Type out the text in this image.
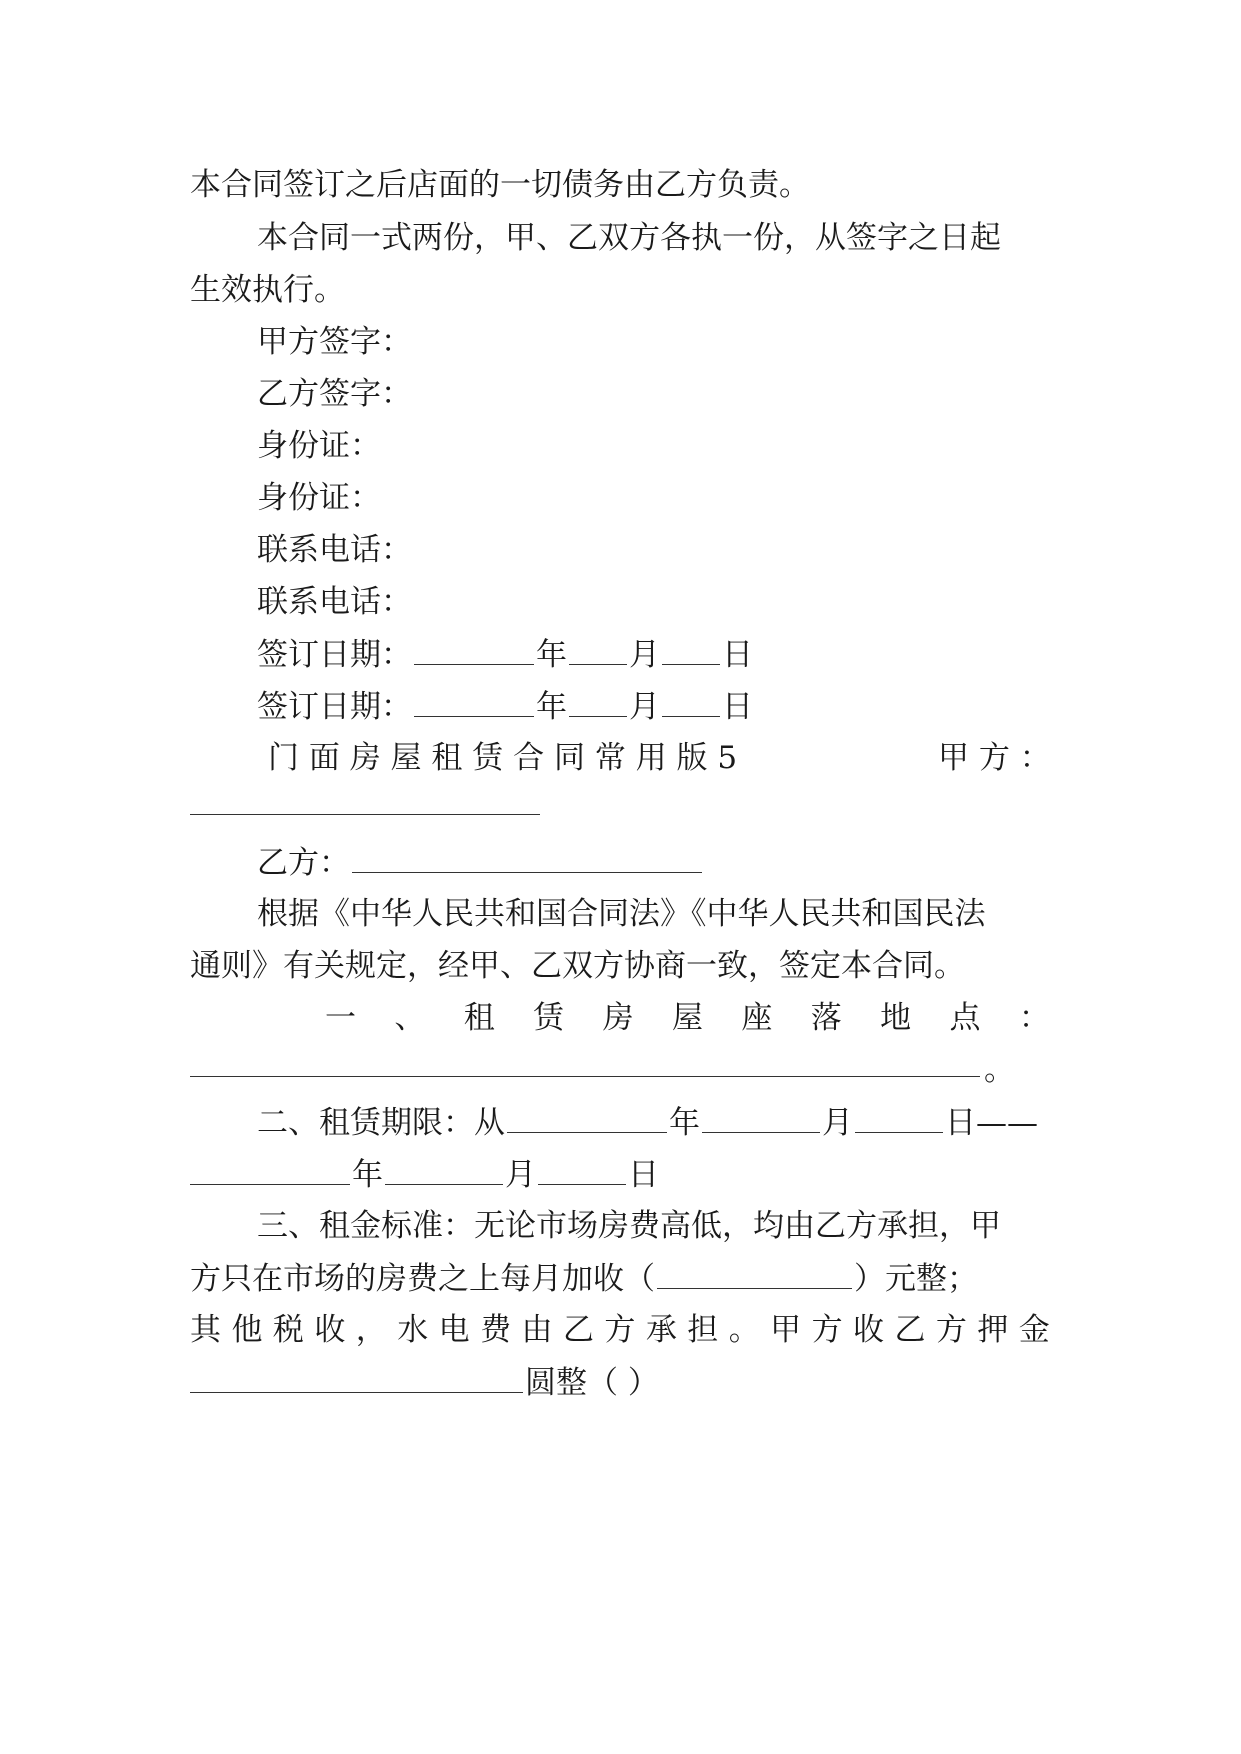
本合同签订之后店面的一切债务由乙方负责。
本合同一式两份，甲、乙双方各执一份，从签字之日起
生效执行。
甲方签字：
乙方签字：
身份证：
身份证：
联系电话：
联系电话：
签订日期：	年 月 日
签订日期：	年 月 日
门 面 房 屋 租 赁 合 同 常 用 版 5	甲 方 ：
乙方：
根据《中华人民共和国合同法》《中华人民共和国民法
通则》有关规定，经甲、乙双方协商一致，签定本合同。
一 、 租 赁 房 屋 座 落 地 点 ：
。
二、租赁期限：从	年	月	日——
年	月	日
三、租金标准：无论市场房费高低，均由乙方承担，甲
方只在市场的房费之上每月加收（	）元整；
其 他 税 收 ， 水 电 费 由 乙 方 承 担 。 甲 方 收 乙 方 押 金
圆整（ ）
